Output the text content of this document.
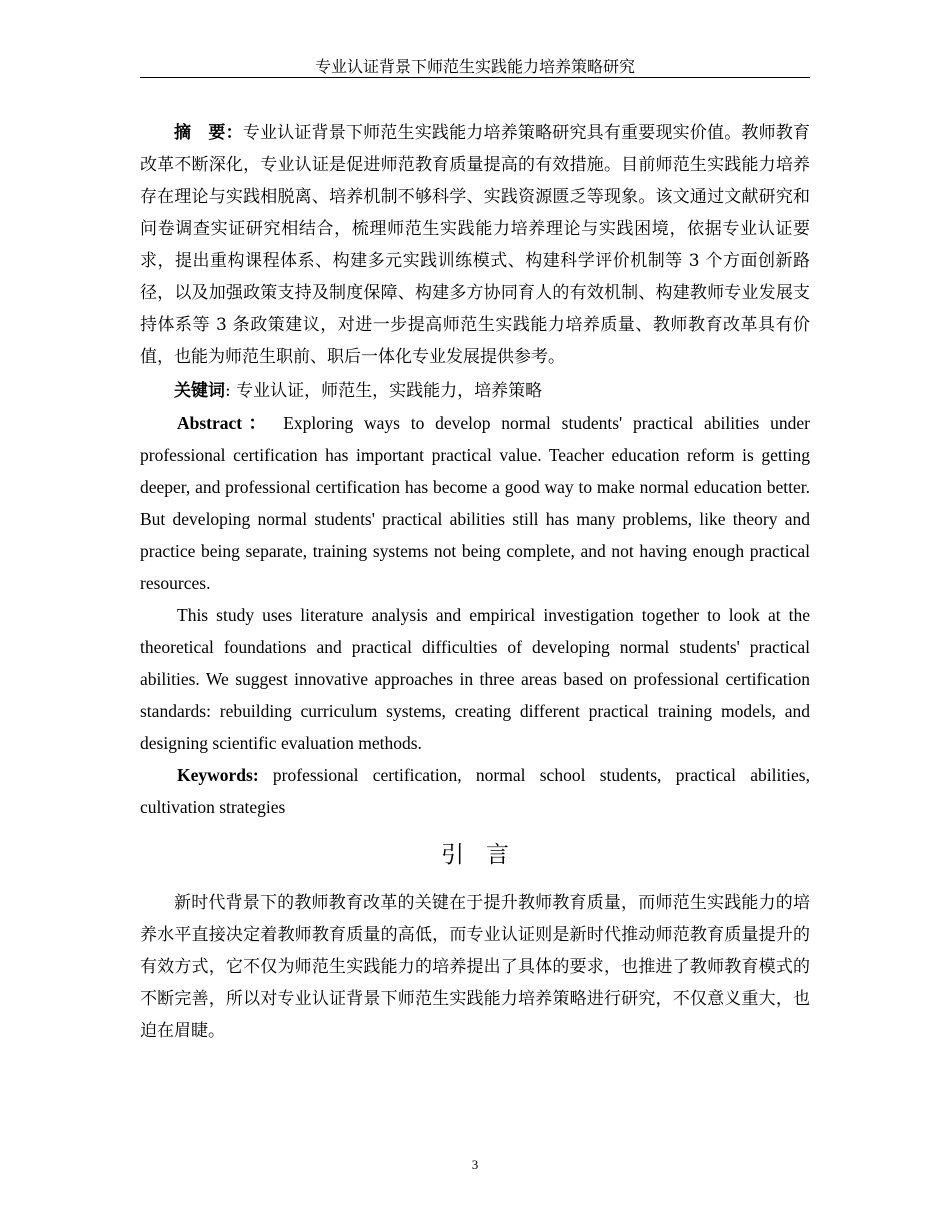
专业认证背景下师范生实践能力培养策略研究

摘　要：专业认证背景下师范生实践能力培养策略研究具有重要现实价值。教师教育改革不断深化，专业认证是促进师范教育质量提高的有效措施。目前师范生实践能力培养存在理论与实践相脱离、培养机制不够科学、实践资源匮乏等现象。该文通过文献研究和问卷调查实证研究相结合，梳理师范生实践能力培养理论与实践困境，依据专业认证要求，提出重构课程体系、构建多元实践训练模式、构建科学评价机制等 3 个方面创新路径，以及加强政策支持及制度保障、构建多方协同育人的有效机制、构建教师专业发展支持体系等 3 条政策建议，对进一步提高师范生实践能力培养质量、教师教育改革具有价值，也能为师范生职前、职后一体化专业发展提供参考。

关键词: 专业认证，师范生，实践能力，培养策略

Abstract： Exploring ways to develop normal students' practical abilities under professional certification has important practical value. Teacher education reform is getting deeper, and professional certification has become a good way to make normal education better. But developing normal students' practical abilities still has many problems, like theory and practice being separate, training systems not being complete, and not having enough practical resources.

This study uses literature analysis and empirical investigation together to look at the theoretical foundations and practical difficulties of developing normal students' practical abilities. We suggest innovative approaches in three areas based on professional certification standards: rebuilding curriculum systems, creating different practical training models, and designing scientific evaluation methods.

Keywords: professional certification, normal school students, practical abilities, cultivation strategies

引言

新时代背景下的教师教育改革的关键在于提升教师教育质量，而师范生实践能力的培养水平直接决定着教师教育质量的高低，而专业认证则是新时代推动师范教育质量提升的有效方式，它不仅为师范生实践能力的培养提出了具体的要求，也推进了教师教育模式的不断完善，所以对专业认证背景下师范生实践能力培养策略进行研究，不仅意义重大，也迫在眉睫。

3
